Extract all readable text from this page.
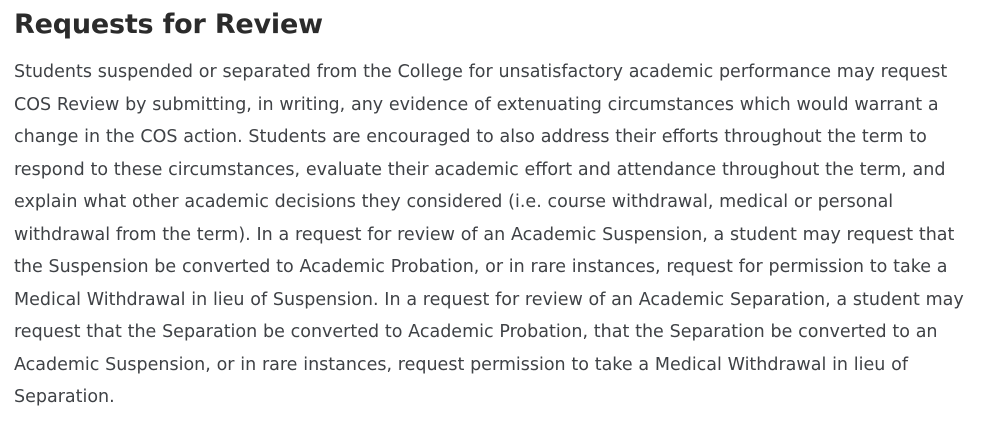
Requests for Review

Students suspended or separated from the College for unsatisfactory academic performance may request COS Review by submitting, in writing, any evidence of extenuating circumstances which would warrant a change in the COS action. Students are encouraged to also address their efforts throughout the term to respond to these circumstances, evaluate their academic effort and attendance throughout the term, and explain what other academic decisions they considered (i.e. course withdrawal, medical or personal withdrawal from the term). In a request for review of an Academic Suspension, a student may request that the Suspension be converted to Academic Probation, or in rare instances, request for permission to take a Medical Withdrawal in lieu of Suspension. In a request for review of an Academic Separation, a student may request that the Separation be converted to Academic Probation, that the Separation be converted to an Academic Suspension, or in rare instances, request permission to take a Medical Withdrawal in lieu of Separation.
